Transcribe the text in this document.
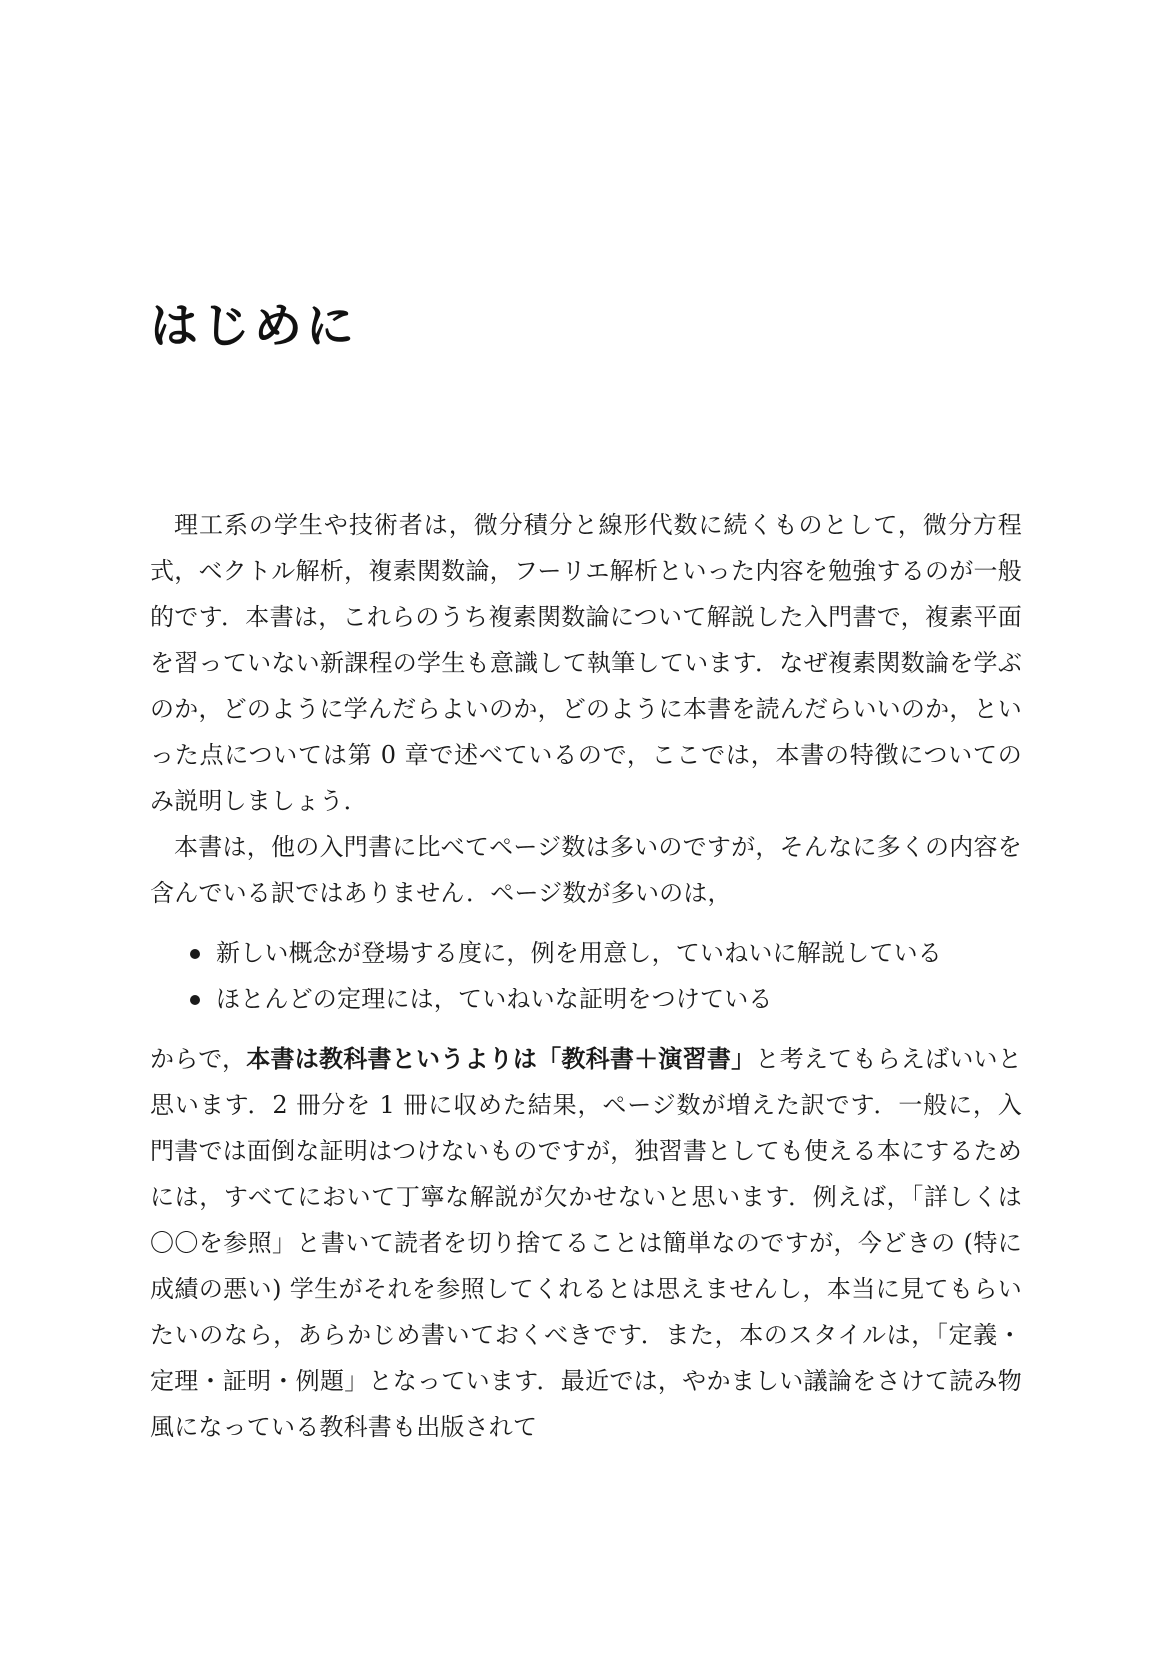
はじめに

理工系の学生や技術者は，微分積分と線形代数に続くものとして，微分方程式，ベクトル解析，複素関数論，フーリエ解析といった内容を勉強するのが一般的です．本書は，これらのうち複素関数論について解説した入門書で，複素平面を習っていない新課程の学生も意識して執筆しています．なぜ複素関数論を学ぶのか，どのように学んだらよいのか，どのように本書を読んだらいいのか，といった点については第 0 章で述べているので，ここでは，本書の特徴についてのみ説明しましょう．

本書は，他の入門書に比べてページ数は多いのですが，そんなに多くの内容を含んでいる訳ではありません．ページ数が多いのは，

新しい概念が登場する度に，例を用意し，ていねいに解説している
ほとんどの定理には，ていねいな証明をつけている

からで，本書は教科書というよりは「教科書＋演習書」と考えてもらえばいいと思います．2 冊分を 1 冊に収めた結果，ページ数が増えた訳です．一般に，入門書では面倒な証明はつけないものですが，独習書としても使える本にするためには，すべてにおいて丁寧な解説が欠かせないと思います．例えば，「詳しくは〇〇を参照」と書いて読者を切り捨てることは簡単なのですが，今どきの (特に成績の悪い) 学生がそれを参照してくれるとは思えませんし，本当に見てもらいたいのなら，あらかじめ書いておくべきです．また，本のスタイルは，「定義・定理・証明・例題」となっています．最近では，やかましい議論をさけて読み物風になっている教科書も出版されて
